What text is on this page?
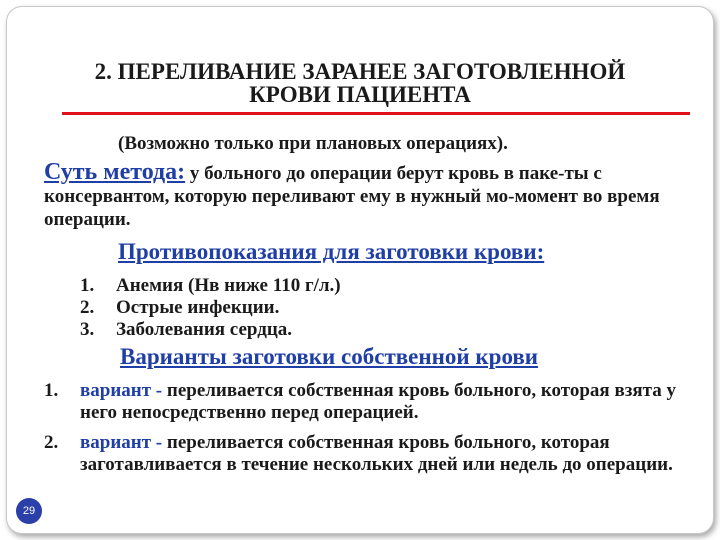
2. ПЕРЕЛИВАНИЕ ЗАРАНЕЕ ЗАГОТОВЛЕННОЙ
КРОВИ ПАЦИЕНТА
(Возможно только при плановых операциях).
Суть метода: у больного до операции берут кровь в паке-ты с консервантом, которую переливают ему в нужный мо-момент во время операции.
Противопоказания для заготовки крови:
1.	Анемия (Нв ниже 110 г/л.)
2.	Острые инфекции.
3.	Заболевания сердца.
Варианты заготовки собственной крови
1.	вариант - переливается собственная кровь больного, которая взята у него непосредственно перед операцией.
2.	вариант - переливается собственная кровь больного, которая заготавливается в течение нескольких дней или недель до операции.
29
